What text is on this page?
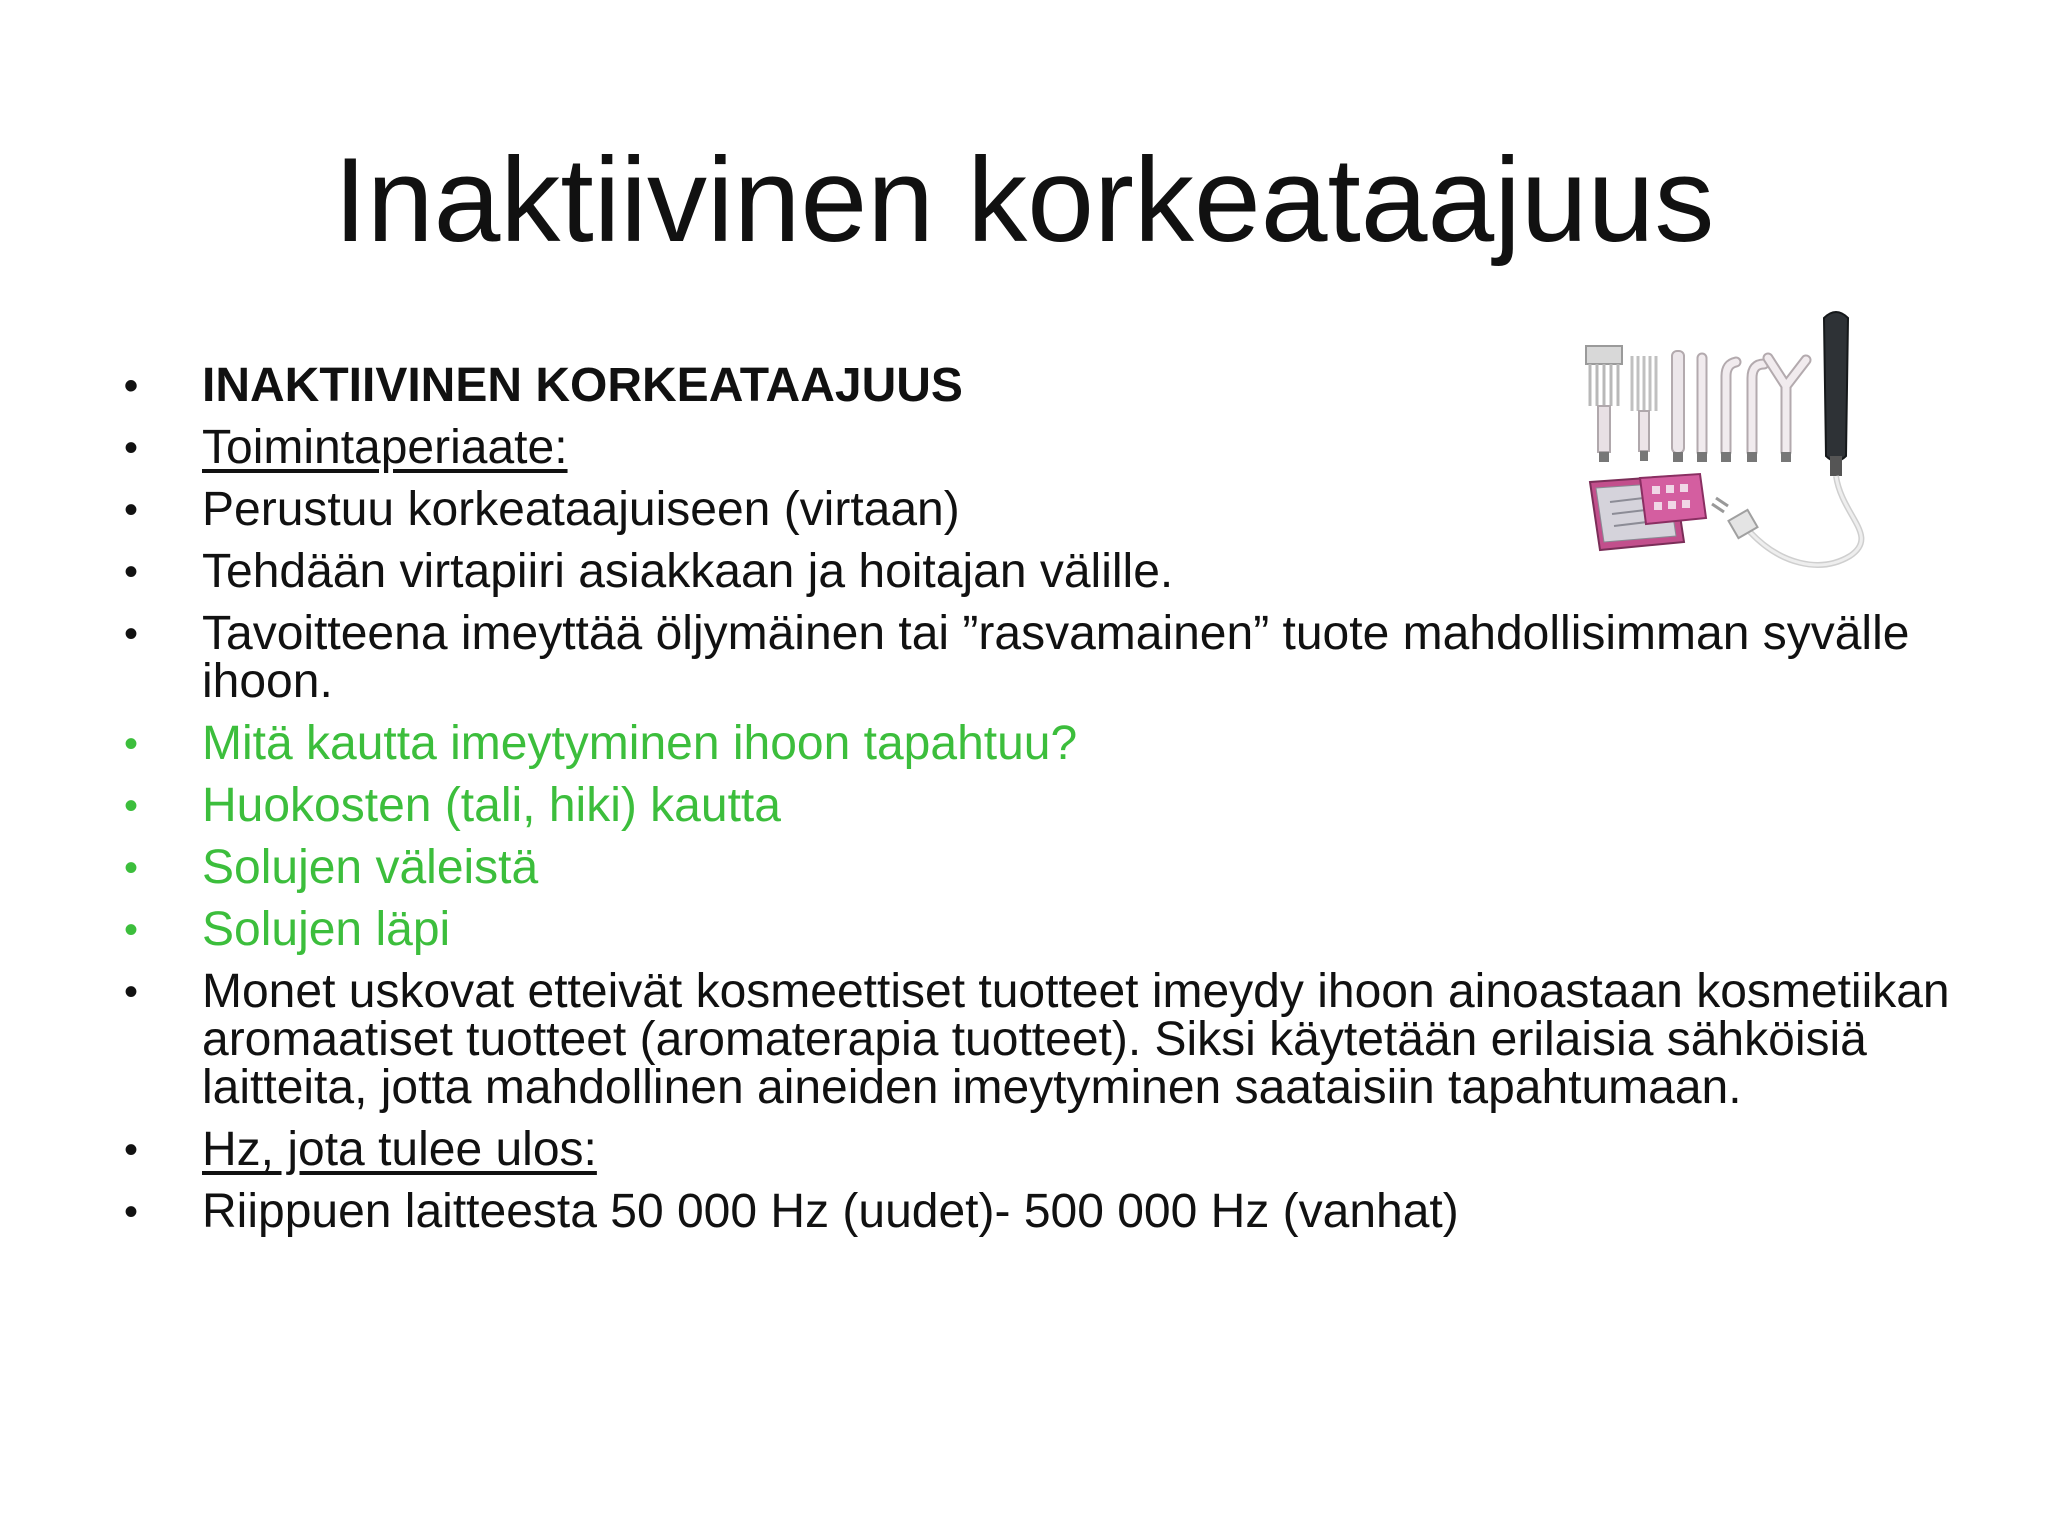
Inaktiivinen korkeataajuus
• INAKTIIVINEN KORKEATAAJUUS
• Toimintaperiaate:
• Perustuu korkeataajuiseen (virtaan)
• Tehdään virtapiiri asiakkaan ja hoitajan välille.
• Tavoitteena imeyttää öljymäinen tai ”rasvamainen” tuote mahdollisimman syvälle ihoon.
• Mitä kautta imeytyminen ihoon tapahtuu?
• Huokosten (tali, hiki) kautta
• Solujen väleistä
• Solujen läpi
• Monet uskovat etteivät kosmeettiset tuotteet imeydy ihoon ainoastaan kosmetiikan aromaatiset tuotteet (aromaterapia tuotteet). Siksi käytetään erilaisia sähköisiä laitteita, jotta mahdollinen aineiden imeytyminen saataisiin tapahtumaan.
• Hz, jota tulee ulos:
• Riippuen laitteesta 50 000 Hz (uudet)- 500 000 Hz (vanhat)
